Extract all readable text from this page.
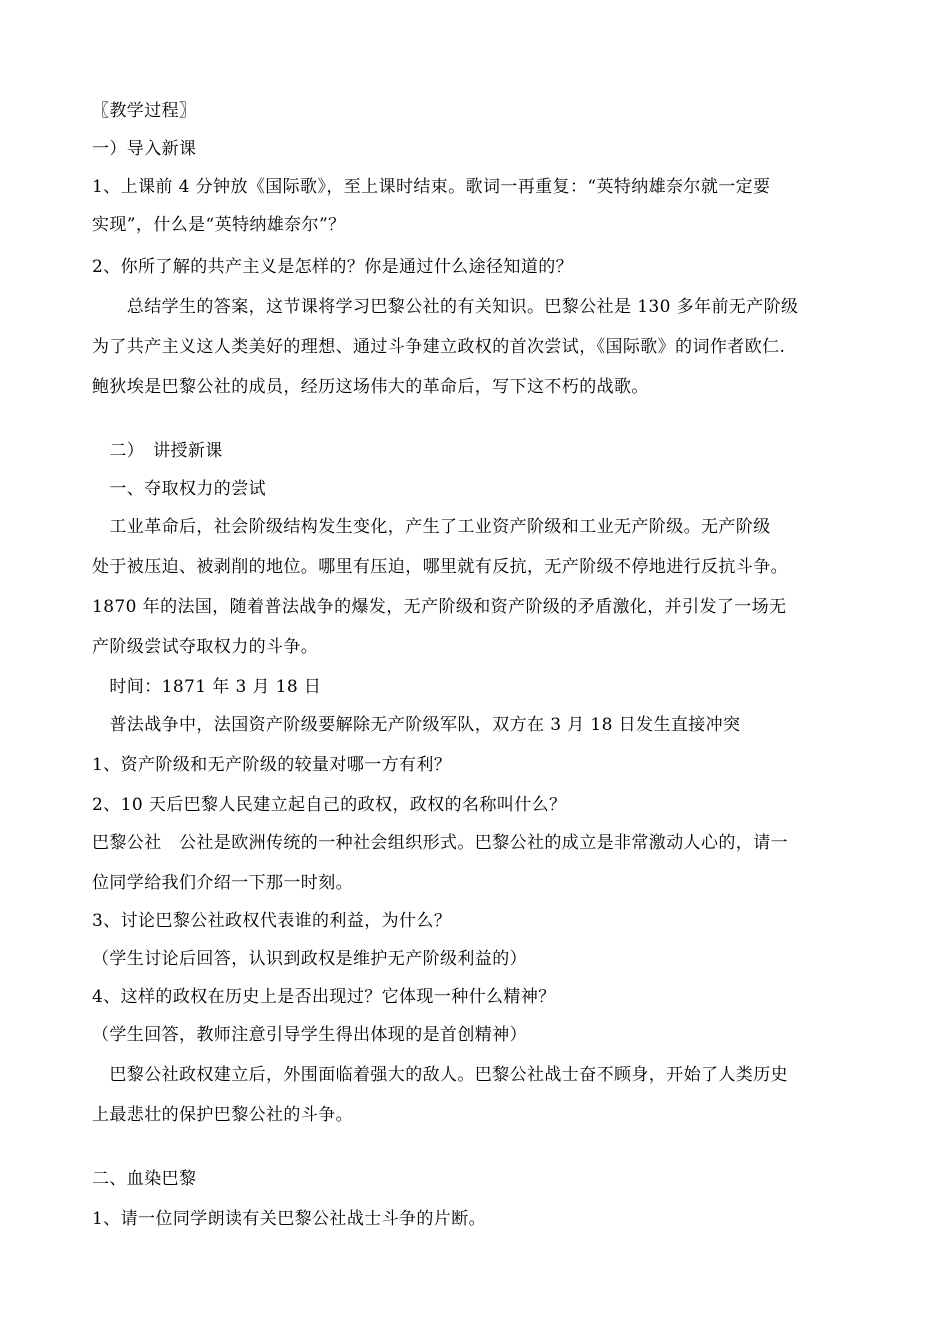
〖教学过程〗
一）导入新课
1、上课前 4 分钟放《国际歌》，至上课时结束。歌词一再重复：“英特纳雄奈尔就一定要
实现”，什么是“英特纳雄奈尔”？
2、你所了解的共产主义是怎样的？你是通过什么途径知道的？
　　总结学生的答案，这节课将学习巴黎公社的有关知识。巴黎公社是 130 多年前无产阶级
为了共产主义这人类美好的理想、通过斗争建立政权的首次尝试，《国际歌》的词作者欧仁.
鲍狄埃是巴黎公社的成员，经历这场伟大的革命后，写下这不朽的战歌。
　二）　讲授新课
　一、夺取权力的尝试
　工业革命后，社会阶级结构发生变化，产生了工业资产阶级和工业无产阶级。无产阶级
处于被压迫、被剥削的地位。哪里有压迫，哪里就有反抗，无产阶级不停地进行反抗斗争。
1870 年的法国，随着普法战争的爆发，无产阶级和资产阶级的矛盾激化，并引发了一场无
产阶级尝试夺取权力的斗争。
　时间：1871 年 3 月 18 日
　普法战争中，法国资产阶级要解除无产阶级军队，双方在 3 月 18 日发生直接冲突
1、资产阶级和无产阶级的较量对哪一方有利？
2、10 天后巴黎人民建立起自己的政权，政权的名称叫什么？
巴黎公社　公社是欧洲传统的一种社会组织形式。巴黎公社的成立是非常激动人心的，请一
位同学给我们介绍一下那一时刻。
3、讨论巴黎公社政权代表谁的利益，为什么？
（学生讨论后回答，认识到政权是维护无产阶级利益的）
4、这样的政权在历史上是否出现过？它体现一种什么精神？
（学生回答，教师注意引导学生得出体现的是首创精神）
　巴黎公社政权建立后，外围面临着强大的敌人。巴黎公社战士奋不顾身，开始了人类历史
上最悲壮的保护巴黎公社的斗争。
二、血染巴黎
1、请一位同学朗读有关巴黎公社战士斗争的片断。
